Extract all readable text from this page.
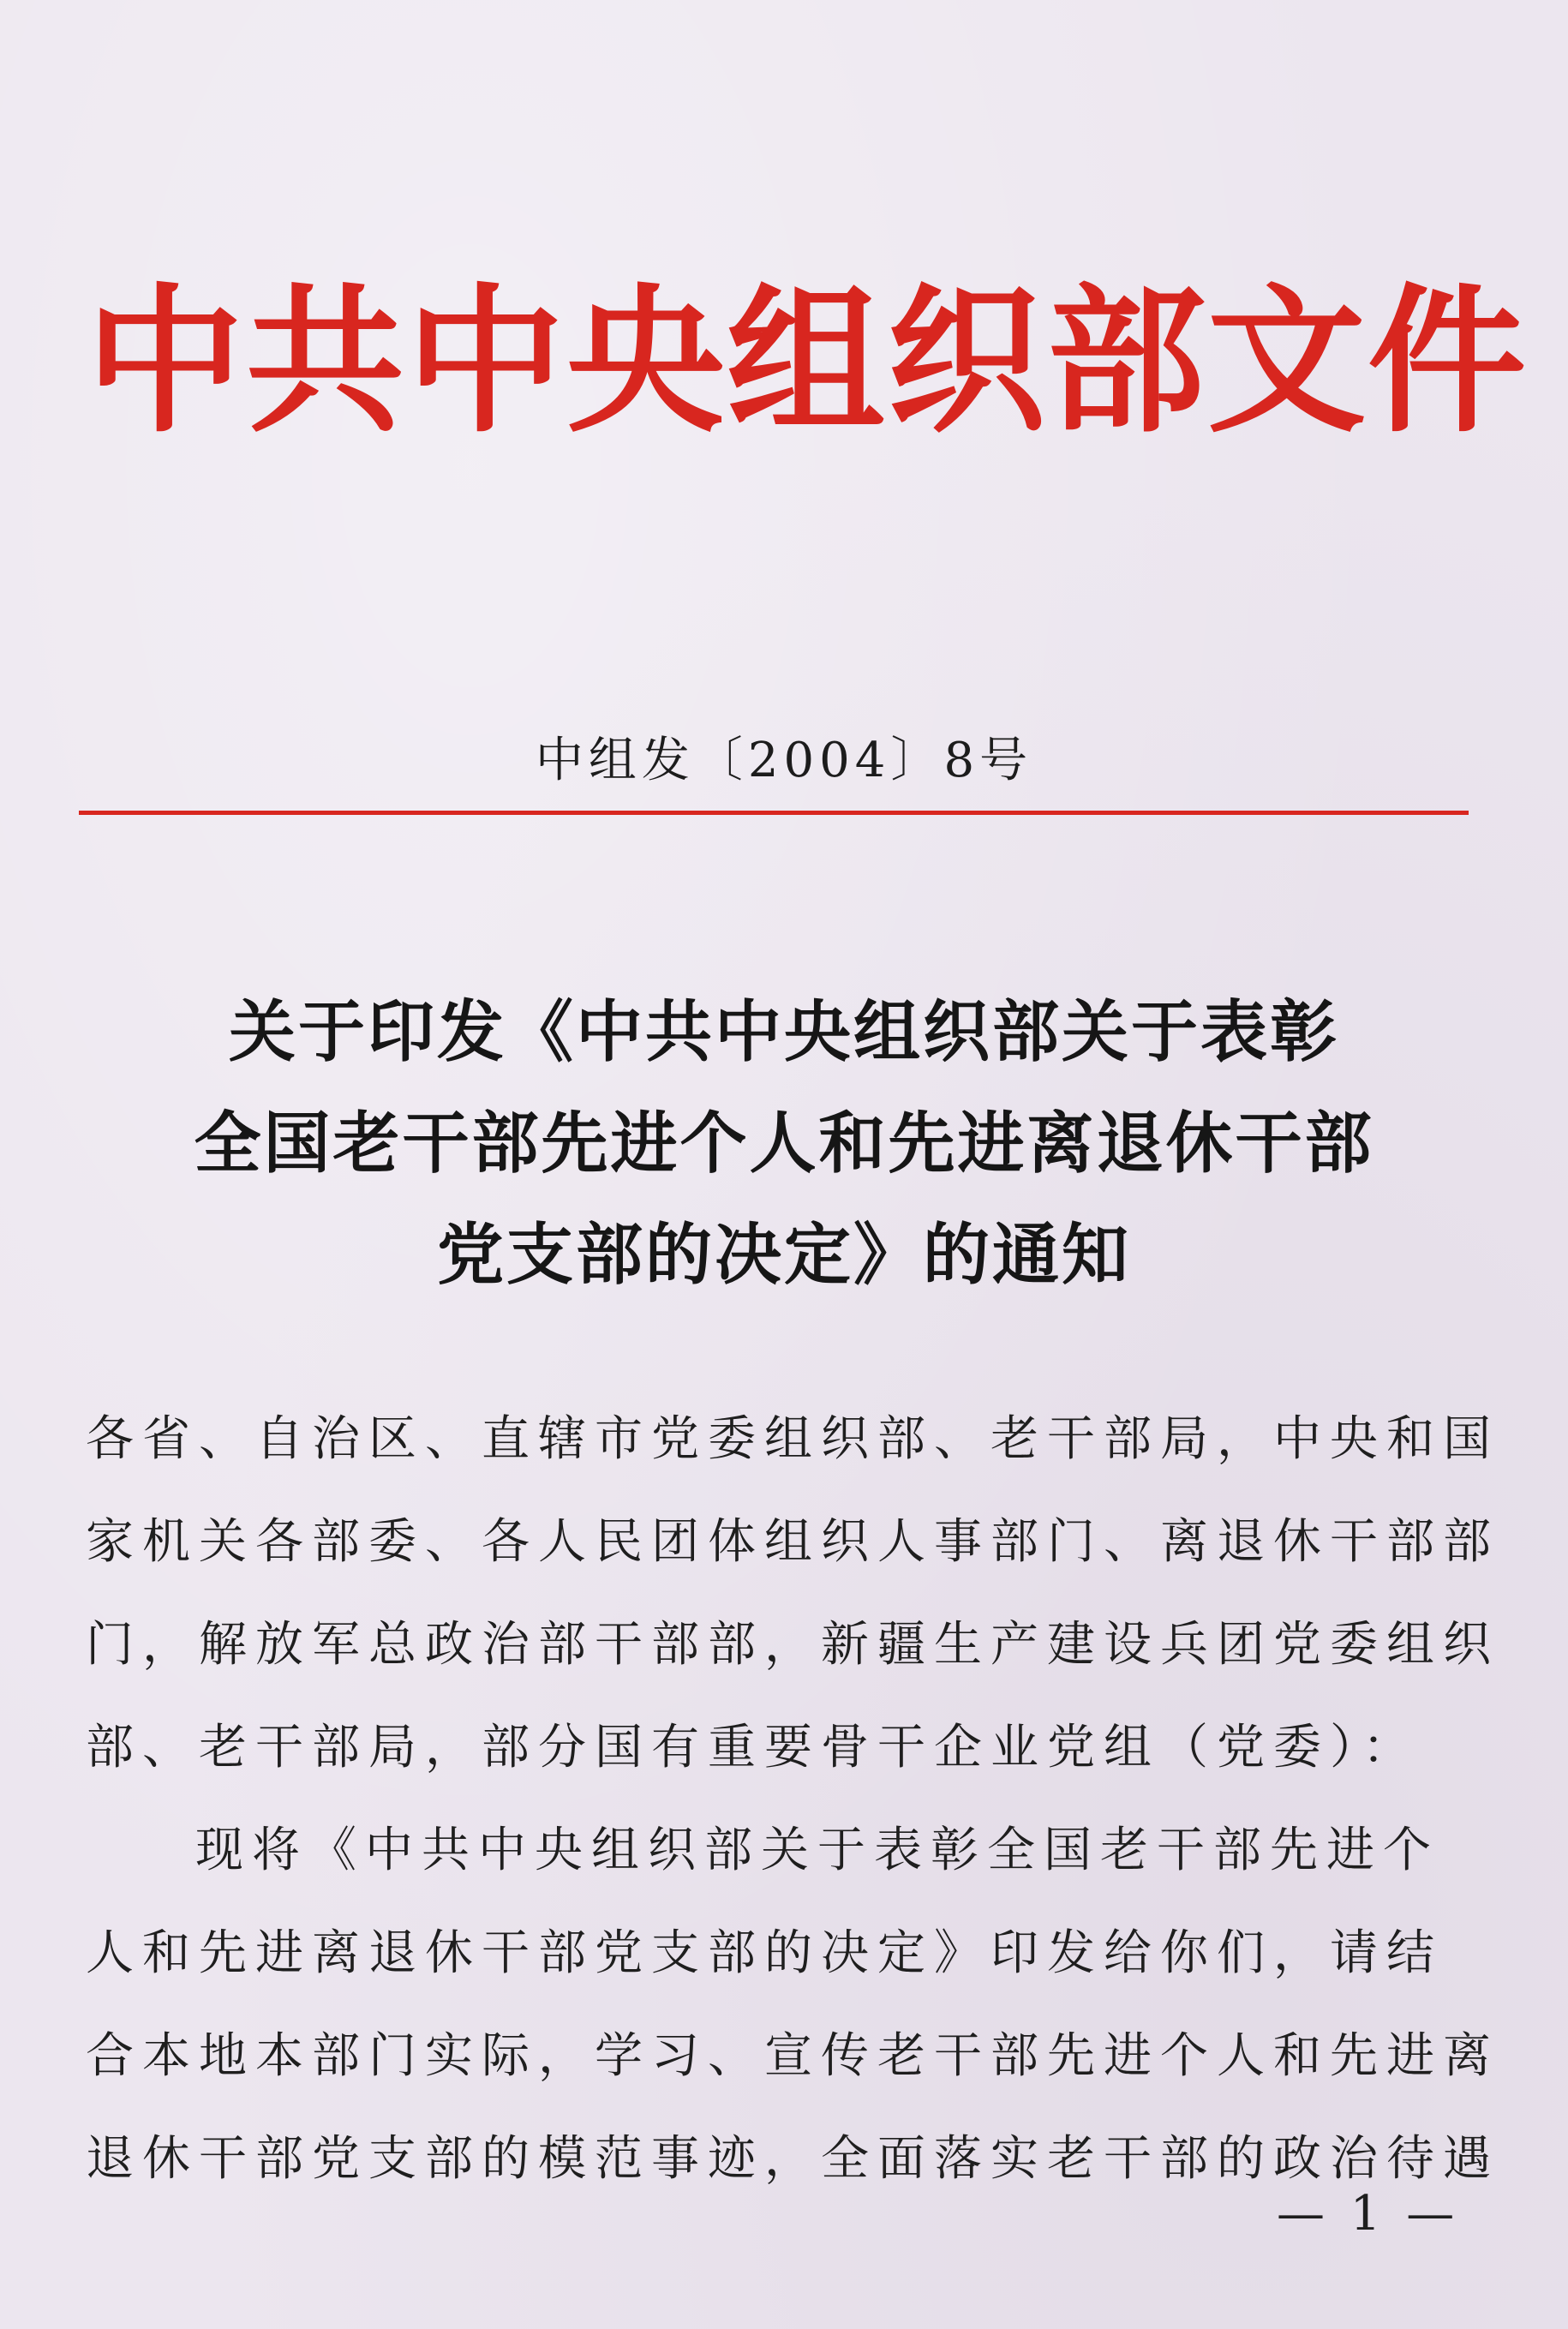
中共中央组织部文件
中组发〔2004〕8号
关于印发《中共中央组织部关于表彰
全国老干部先进个人和先进离退休干部
党支部的决定》的通知

各省、自治区、直辖市党委组织部、老干部局，中央和国
家机关各部委、各人民团体组织人事部门、离退休干部部
门，解放军总政治部干部部，新疆生产建设兵团党委组织
部、老干部局，部分国有重要骨干企业党组（党委）：

现将《中共中央组织部关于表彰全国老干部先进个
人和先进离退休干部党支部的决定》印发给你们，请结
合本地本部门实际，学习、宣传老干部先进个人和先进离
退休干部党支部的模范事迹，全面落实老干部的政治待遇

— 1 —
